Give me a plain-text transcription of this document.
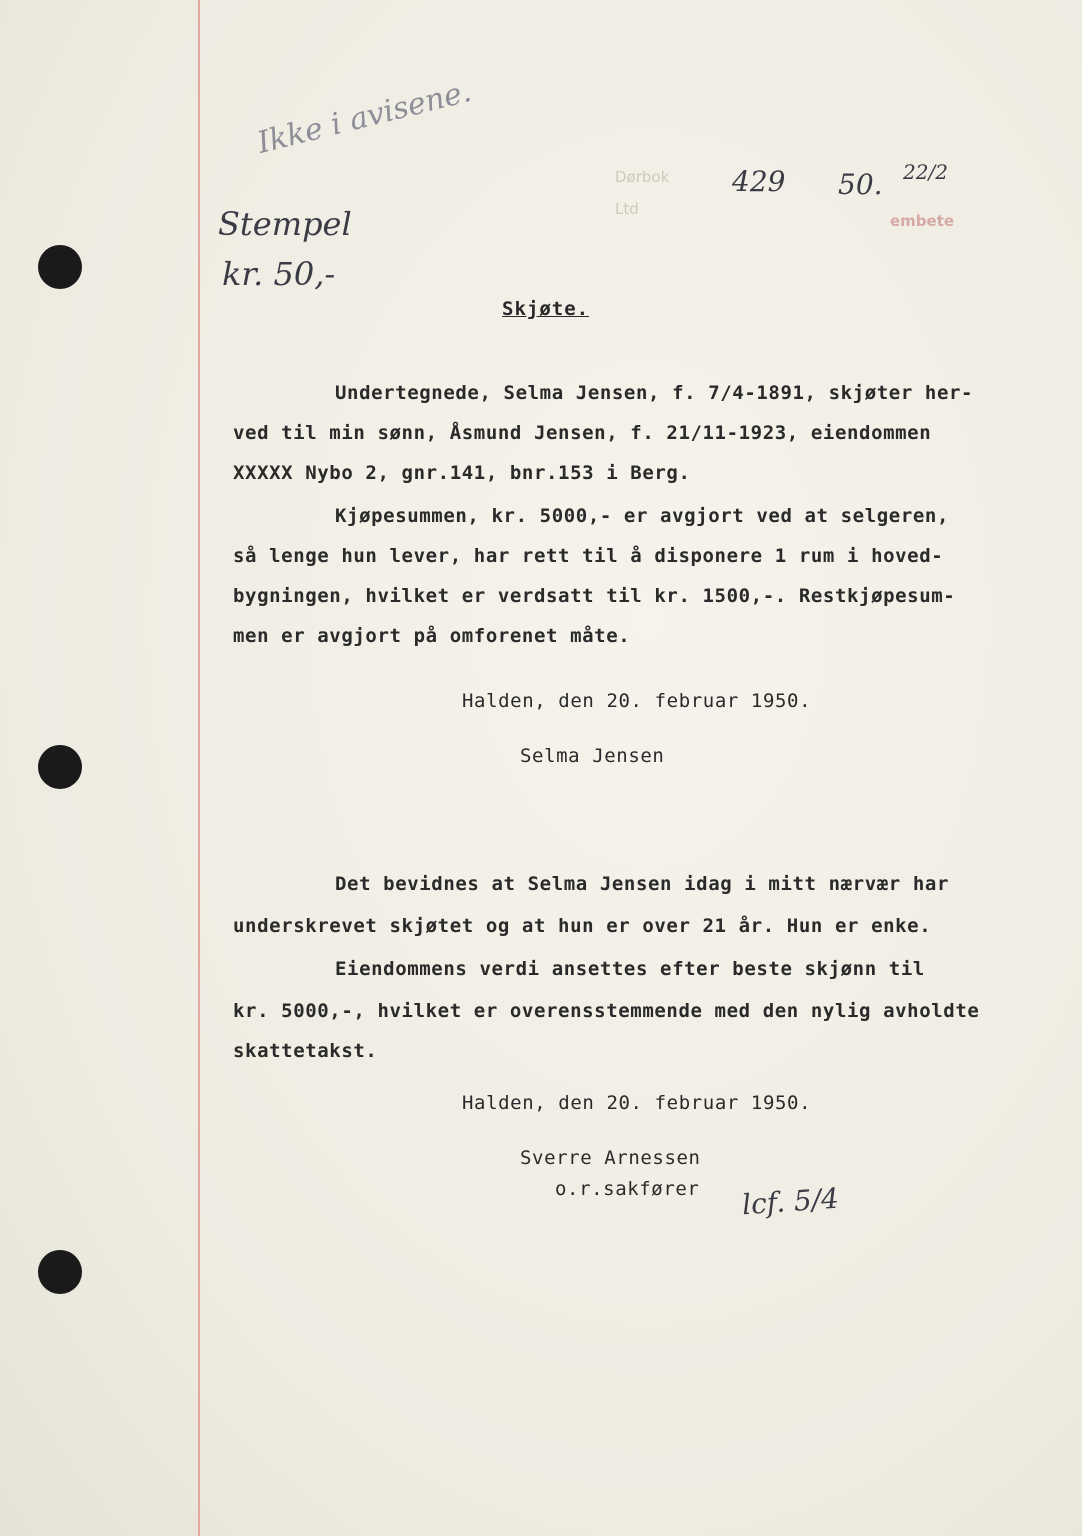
Ikke i avisene.
Stempel
kr. 50,-
Dørbok
Ltd
embete
429 50. 22/2
Skjøte.
Undertegnede, Selma Jensen, f. 7/4-1891, skjøter her-
ved til min sønn, Åsmund Jensen, f. 21/11-1923, eiendommen
XXXXX Nybo 2, gnr.141, bnr.153 i Berg.
Kjøpesummen, kr. 5000,- er avgjort ved at selgeren,
så lenge hun lever, har rett til å disponere 1 rum i hoved-
bygningen, hvilket er verdsatt til kr. 1500,-. Restkjøpesum-
men er avgjort på omforenet måte.
Halden, den 20. februar 1950.
Selma Jensen
Det bevidnes at Selma Jensen idag i mitt nærvær har
underskrevet skjøtet og at hun er over 21 år. Hun er enke.
Eiendommens verdi ansettes efter beste skjønn til
kr. 5000,-, hvilket er overensstemmende med den nylig avholdte
skattetakst.
Halden, den 20. februar 1950.
Sverre Arnessen
o.r.sakfører lcf. 5/4
